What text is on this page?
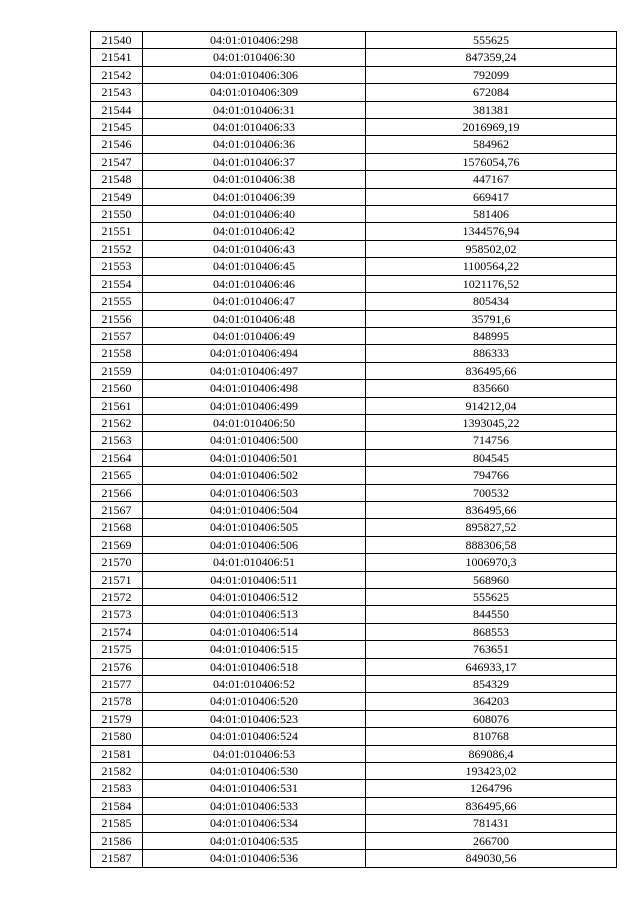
21540	04:01:010406:298	555625
21541	04:01:010406:30	847359,24
21542	04:01:010406:306	792099
21543	04:01:010406:309	672084
21544	04:01:010406:31	381381
21545	04:01:010406:33	2016969,19
21546	04:01:010406:36	584962
21547	04:01:010406:37	1576054,76
21548	04:01:010406:38	447167
21549	04:01:010406:39	669417
21550	04:01:010406:40	581406
21551	04:01:010406:42	1344576,94
21552	04:01:010406:43	958502,02
21553	04:01:010406:45	1100564,22
21554	04:01:010406:46	1021176,52
21555	04:01:010406:47	805434
21556	04:01:010406:48	35791,6
21557	04:01:010406:49	848995
21558	04:01:010406:494	886333
21559	04:01:010406:497	836495,66
21560	04:01:010406:498	835660
21561	04:01:010406:499	914212,04
21562	04:01:010406:50	1393045,22
21563	04:01:010406:500	714756
21564	04:01:010406:501	804545
21565	04:01:010406:502	794766
21566	04:01:010406:503	700532
21567	04:01:010406:504	836495,66
21568	04:01:010406:505	895827,52
21569	04:01:010406:506	888306,58
21570	04:01:010406:51	1006970,3
21571	04:01:010406:511	568960
21572	04:01:010406:512	555625
21573	04:01:010406:513	844550
21574	04:01:010406:514	868553
21575	04:01:010406:515	763651
21576	04:01:010406:518	646933,17
21577	04:01:010406:52	854329
21578	04:01:010406:520	364203
21579	04:01:010406:523	608076
21580	04:01:010406:524	810768
21581	04:01:010406:53	869086,4
21582	04:01:010406:530	193423,02
21583	04:01:010406:531	1264796
21584	04:01:010406:533	836495,66
21585	04:01:010406:534	781431
21586	04:01:010406:535	266700
21587	04:01:010406:536	849030,56
